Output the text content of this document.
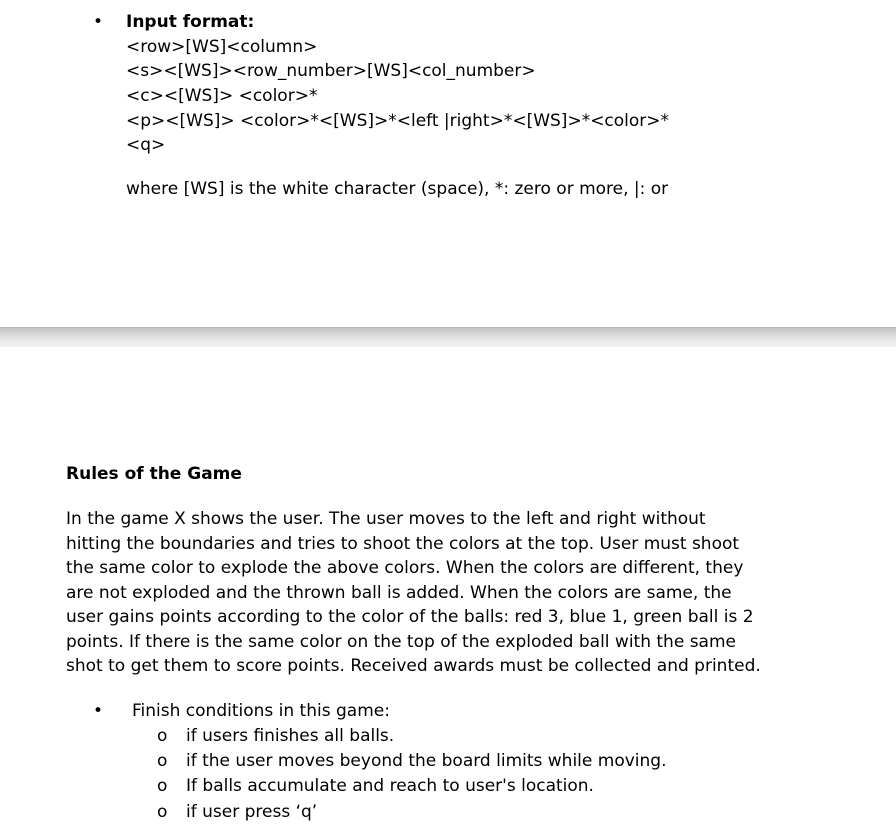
• Input format:
<row>[WS]<column>
<s><[WS]><row_number>[WS]<col_number>
<c><[WS]> <color>*
<p><[WS]> <color>*<[WS]>*<left |right>*<[WS]>*<color>*
<q>
where [WS] is the white character (space), *: zero or more, |: or
Rules of the Game
In the game X shows the user. The user moves to the left and right without
hitting the boundaries and tries to shoot the colors at the top. User must shoot
the same color to explode the above colors. When the colors are different, they
are not exploded and the thrown ball is added. When the colors are same, the
user gains points according to the color of the balls: red 3, blue 1, green ball is 2
points. If there is the same color on the top of the exploded ball with the same
shot to get them to score points. Received awards must be collected and printed.
• Finish conditions in this game:
o if users finishes all balls.
o if the user moves beyond the board limits while moving.
o If balls accumulate and reach to user's location.
o if user press ‘q’
